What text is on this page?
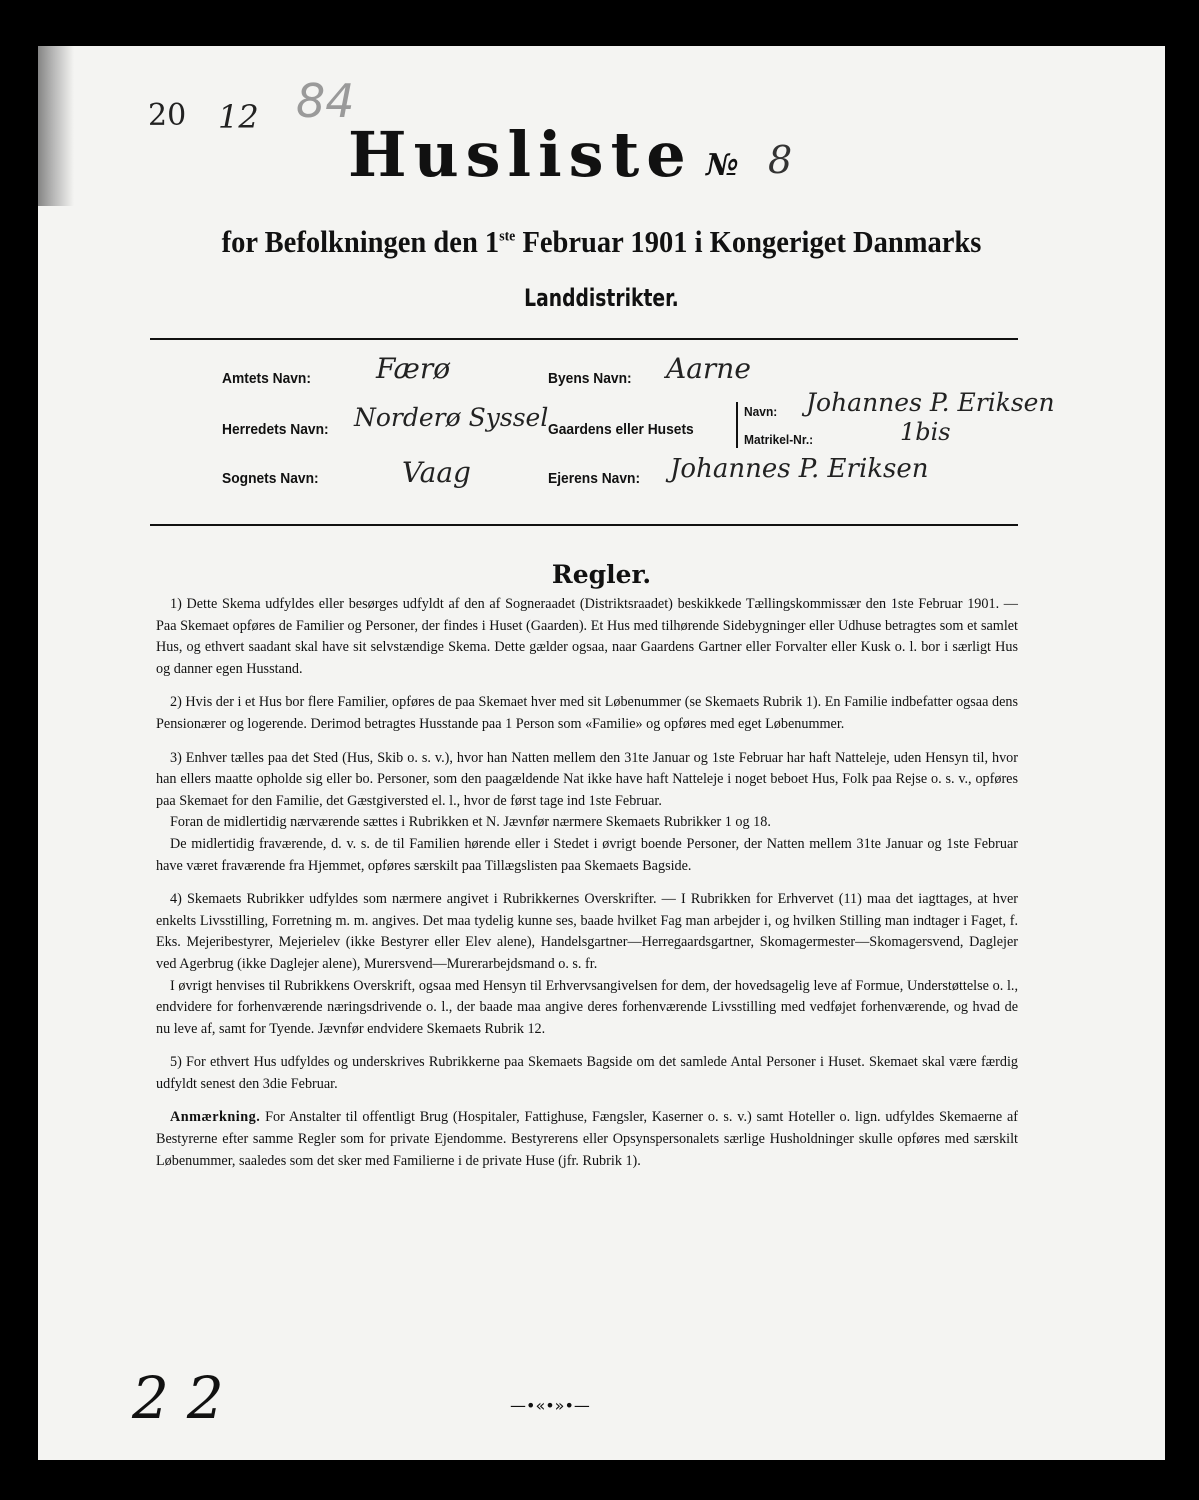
20 12 84
Husliste № 8
for Befolkningen den 1ste Februar 1901 i Kongeriget Danmarks
Landdistrikter.
Amtets Navn: Færø	Byens Navn: Aarne
Herredets Navn: Norderø Syssel Gaardens eller Husets
Navn: Johannes P. Eriksen
Matrikel-Nr.:	1bis
Sognets Navn:	Vaag	Ejerens Navn: Johannes P. Eriksen
Regler.

1) Dette Skema udfyldes eller besørges udfyldt af den af Sogneraadet (Distriktsraadet) beskikkede Tællingskommissær den 1ste Februar 1901. — Paa Skemaet opføres de Familier og Personer, der findes i Huset (Gaarden). Et Hus med tilhørende Sidebygninger eller Udhuse betragtes som et samlet Hus, og ethvert saadant skal have sit selvstændige Skema. Dette gælder ogsaa, naar Gaardens Gartner eller Forvalter eller Kusk o. l. bor i særligt Hus og danner egen Husstand.

2) Hvis der i et Hus bor flere Familier, opføres de paa Skemaet hver med sit Løbenummer (se Skemaets Rubrik 1). En Familie indbefatter ogsaa dens Pensionærer og logerende. Derimod betragtes Husstande paa 1 Person som «Familie» og opføres med eget Løbenummer.

3) Enhver tælles paa det Sted (Hus, Skib o. s. v.), hvor han Natten mellem den 31te Januar og 1ste Februar har haft Natteleje, uden Hensyn til, hvor han ellers maatte opholde sig eller bo. Personer, som den paagældende Nat ikke have haft Natteleje i noget beboet Hus, Folk paa Rejse o. s. v., opføres paa Skemaet for den Familie, det Gæstgiversted el. l., hvor de først tage ind 1ste Februar.

Foran de midlertidig nærværende sættes i Rubrikken et N. Jævnfør nærmere Skemaets Rubrikker 1 og 18.

De midlertidig fraværende, d. v. s. de til Familien hørende eller i Stedet i øvrigt boende Personer, der Natten mellem 31te Januar og 1ste Februar have været fraværende fra Hjemmet, opføres særskilt paa Tillægslisten paa Skemaets Bagside.

4) Skemaets Rubrikker udfyldes som nærmere angivet i Rubrikkernes Overskrifter. — I Rubrikken for Erhvervet (11) maa det iagttages, at hver enkelts Livsstilling, Forretning m. m. angives. Det maa tydelig kunne ses, baade hvilket Fag man arbejder i, og hvilken Stilling man indtager i Faget, f. Eks. Mejeribestyrer, Mejerielev (ikke Bestyrer eller Elev alene), Handelsgartner—Herregaardsgartner, Skomagermester—Skomagersvend, Daglejer ved Agerbrug (ikke Daglejer alene), Murersvend—Murerarbejdsmand o. s. fr.

I øvrigt henvises til Rubrikkens Overskrift, ogsaa med Hensyn til Erhvervsangivelsen for dem, der hovedsagelig leve af Formue, Understøttelse o. l., endvidere for forhenværende næringsdrivende o. l., der baade maa angive deres forhenværende Livsstilling med vedføjet forhenværende, og hvad de nu leve af, samt for Tyende. Jævnfør endvidere Skemaets Rubrik 12.

5) For ethvert Hus udfyldes og underskrives Rubrikkerne paa Skemaets Bagside om det samlede Antal Personer i Huset. Skemaet skal være færdig udfyldt senest den 3die Februar.

Anmærkning. For Anstalter til offentligt Brug (Hospitaler, Fattighuse, Fængsler, Kaserner o. s. v.) samt Hoteller o. lign. udfyldes Skemaerne af Bestyrerne efter samme Regler som for private Ejendomme. Bestyrerens eller Opsynspersonalets særlige Husholdninger skulle opføres med særskilt Løbenummer, saaledes som det sker med Familierne i de private Huse (jfr. Rubrik 1).

—•«•»•—
22
